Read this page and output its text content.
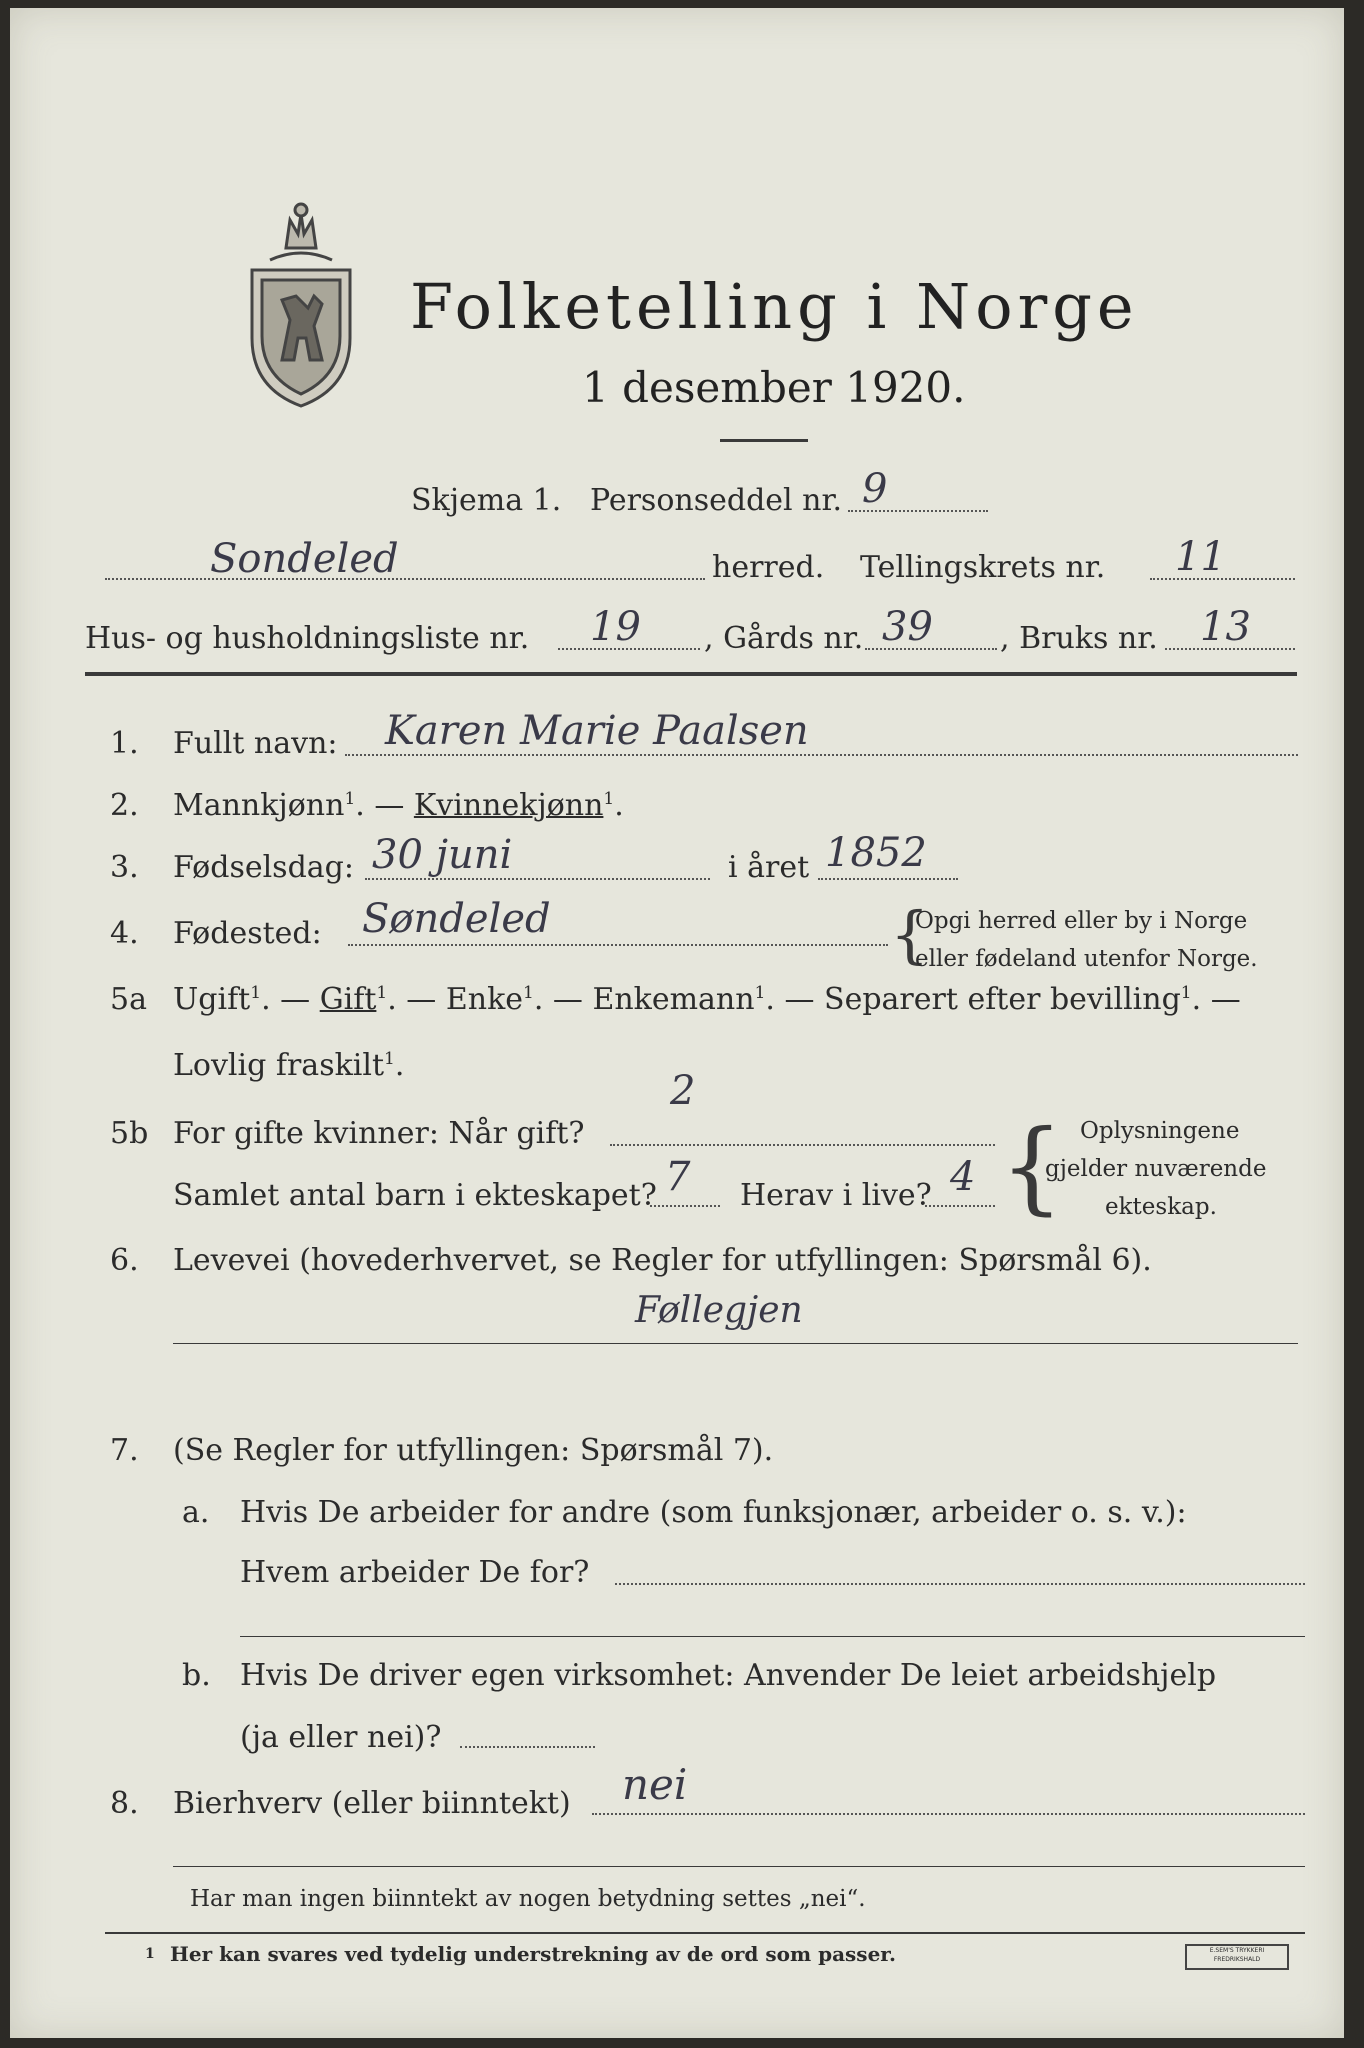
Folketelling i Norge
1 desember 1920.
Skjema 1. Personseddel nr. 9
Sondeled	herred. Tellingskrets nr. 11
Hus- og husholdningsliste nr. 19 , Gårds nr. 39 , Bruks nr. 13
1. Fullt navn: Karen Marie Paalsen
2. Mannkjønn$^1$. — Kvinnekjønn$^1$.
3. Fødselsdag: 30 juni	i året 1852
4. Fødested: Søndeled	{
Opgi herred eller by i Norge
eller fødeland utenfor Norge.
5a Ugift$^1$. — Gift$^1$. — Enke$^1$. — Enkemann$^1$. — Separert efter bevilling$^1$. —
Lovlig fraskilt$^1$.
5b For gifte kvinner: Når gift?
2
Samlet antal barn i ekteskapet? 7 Herav i live? 4 { Oplysningene
gjelder nuværende
ekteskap.
6. Levevei (hovederhvervet, se Regler for utfyllingen: Spørsmål 6).
Føllegjen
7. (Se Regler for utfyllingen: Spørsmål 7).
a. Hvis De arbeider for andre (som funksjonær, arbeider o. s. v.):
Hvem arbeider De for?
b. Hvis De driver egen virksomhet: Anvender De leiet arbeidshjelp
(ja eller nei)?
8. Bierhverv (eller biinntekt) nei
Har man ingen biinntekt av nogen betydning settes „nei“.
1 Her kan svares ved tydelig understrekning av de ord som passer.	E.SEM'S TRYKKERI FREDRIKSHALD
